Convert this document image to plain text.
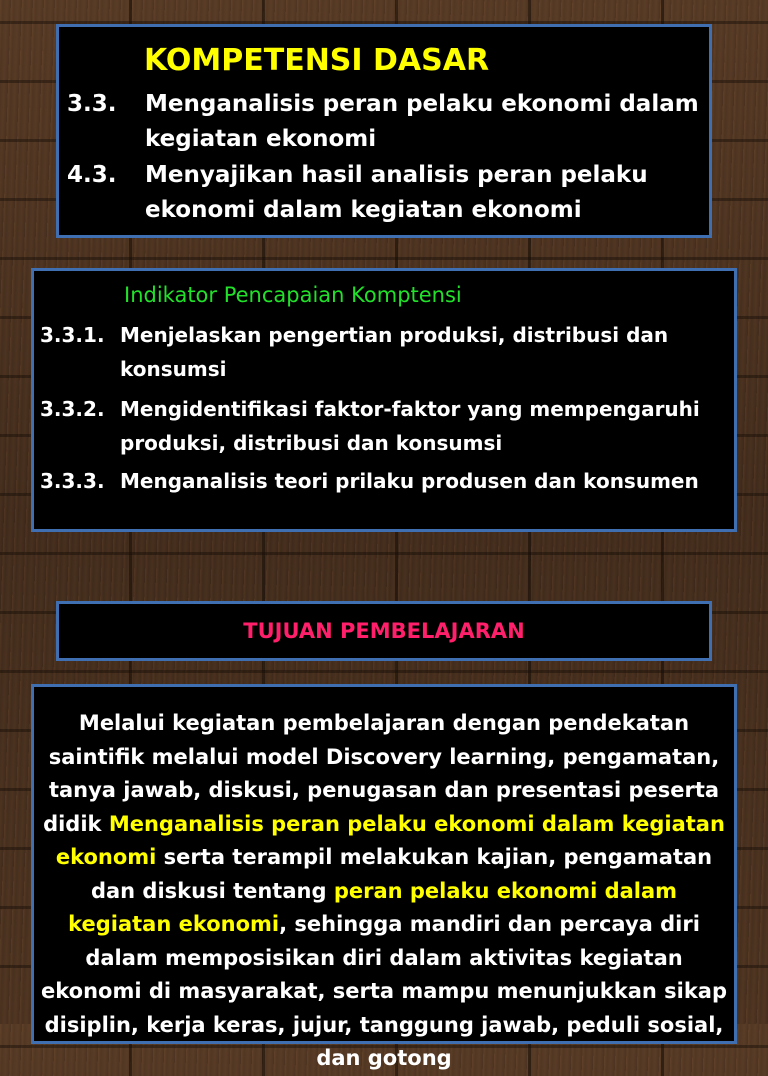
KOMPETENSI DASAR
3.3.	Menganalisis peran pelaku ekonomi dalam kegiatan ekonomi
4.3.	Menyajikan hasil analisis peran pelaku ekonomi dalam kegiatan ekonomi
Indikator Pencapaian Komptensi
3.3.1. Menjelaskan pengertian produksi, distribusi dan konsumsi
3.3.2. Mengidentifikasi faktor-faktor yang mempengaruhi produksi, distribusi dan konsumsi
3.3.3. Menganalisis teori prilaku produsen dan konsumen
TUJUAN PEMBELAJARAN
Melalui kegiatan pembelajaran dengan pendekatan saintifik melalui model Discovery learning, pengamatan, tanya jawab, diskusi, penugasan dan presentasi peserta didik Menganalisis peran pelaku ekonomi dalam kegiatan ekonomi serta terampil melakukan kajian, pengamatan dan diskusi tentang peran pelaku ekonomi dalam kegiatan ekonomi, sehingga mandiri dan percaya diri dalam memposisikan diri dalam aktivitas kegiatan ekonomi di masyarakat, serta mampu menunjukkan sikap disiplin, kerja keras, jujur, tanggung jawab, peduli sosial, dan gotong
